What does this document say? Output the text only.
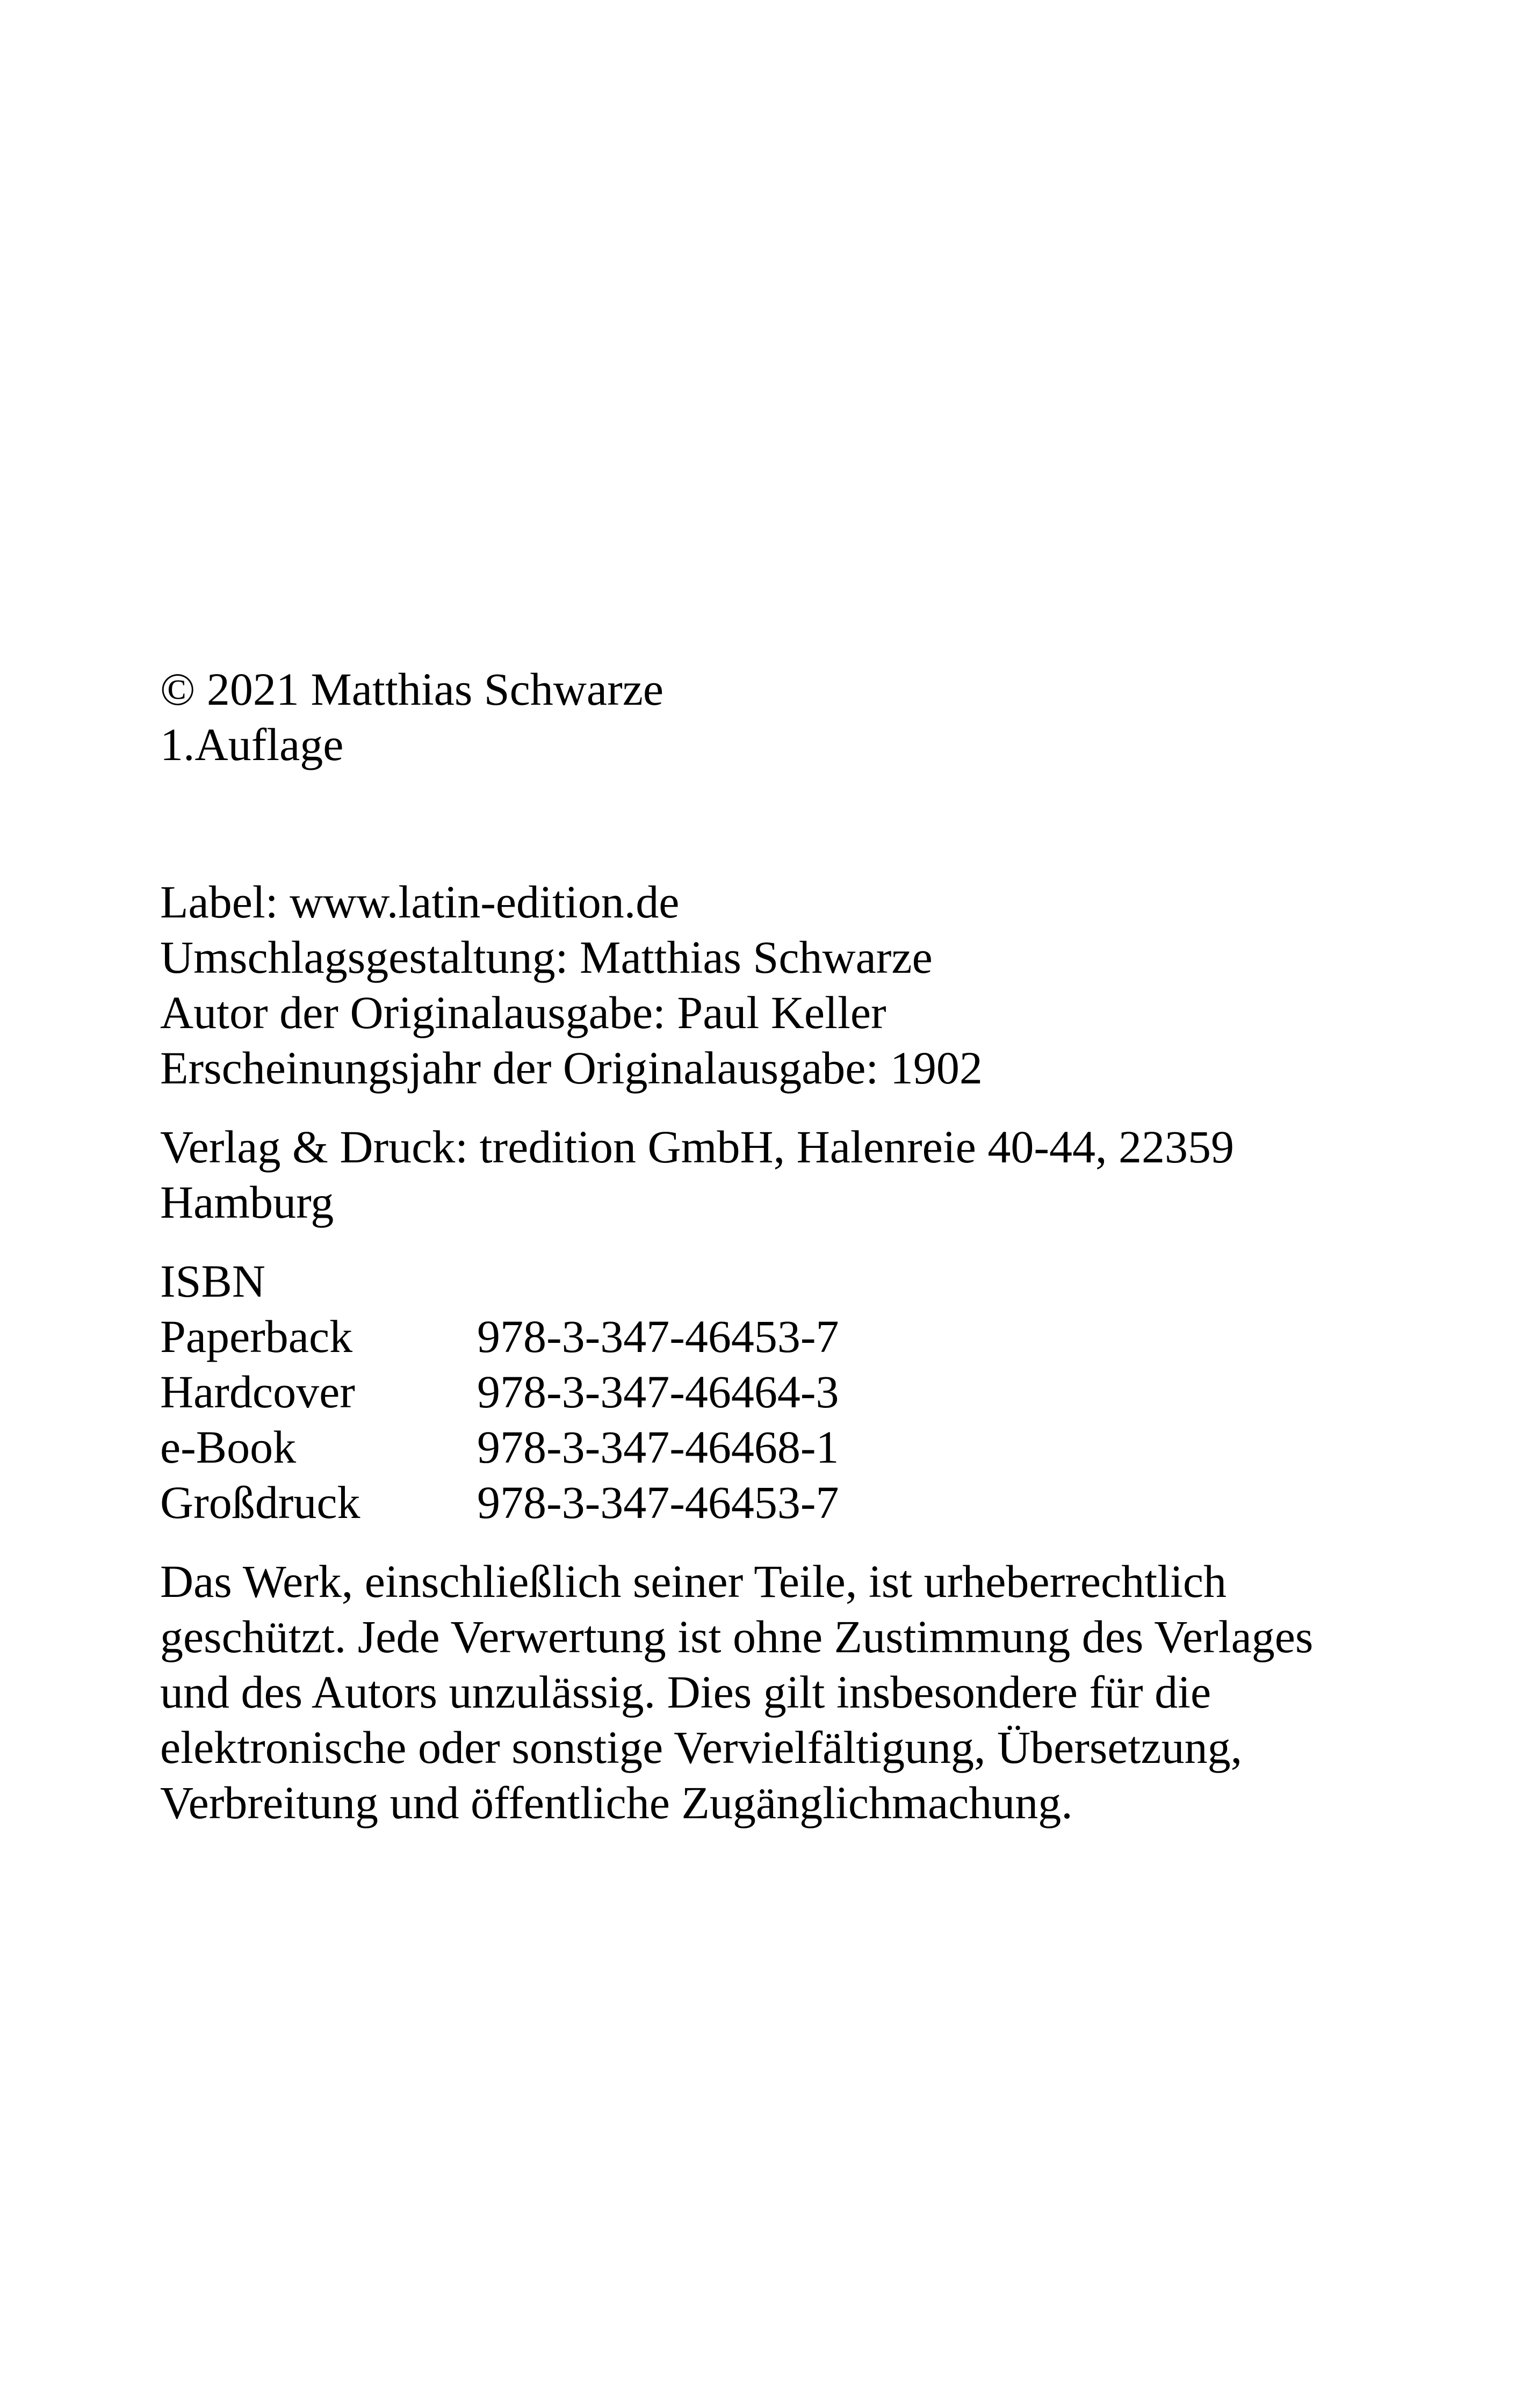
© 2021 Matthias Schwarze
1.Auflage
Label: www.latin-edition.de
Umschlagsgestaltung: Matthias Schwarze
Autor der Originalausgabe: Paul Keller
Erscheinungsjahr der Originalausgabe: 1902
Verlag & Druck: tredition GmbH, Halenreie 40-44, 22359
Hamburg
ISBN
Paperback	978-3-347-46453-7
Hardcover	978-3-347-46464-3
e-Book	978-3-347-46468-1
Großdruck	978-3-347-46453-7
Das Werk, einschließlich seiner Teile, ist urheberrechtlich
geschützt. Jede Verwertung ist ohne Zustimmung des Verlages
und des Autors unzulässig. Dies gilt insbesondere für die
elektronische oder sonstige Vervielfältigung, Übersetzung,
Verbreitung und öffentliche Zugänglichmachung.
